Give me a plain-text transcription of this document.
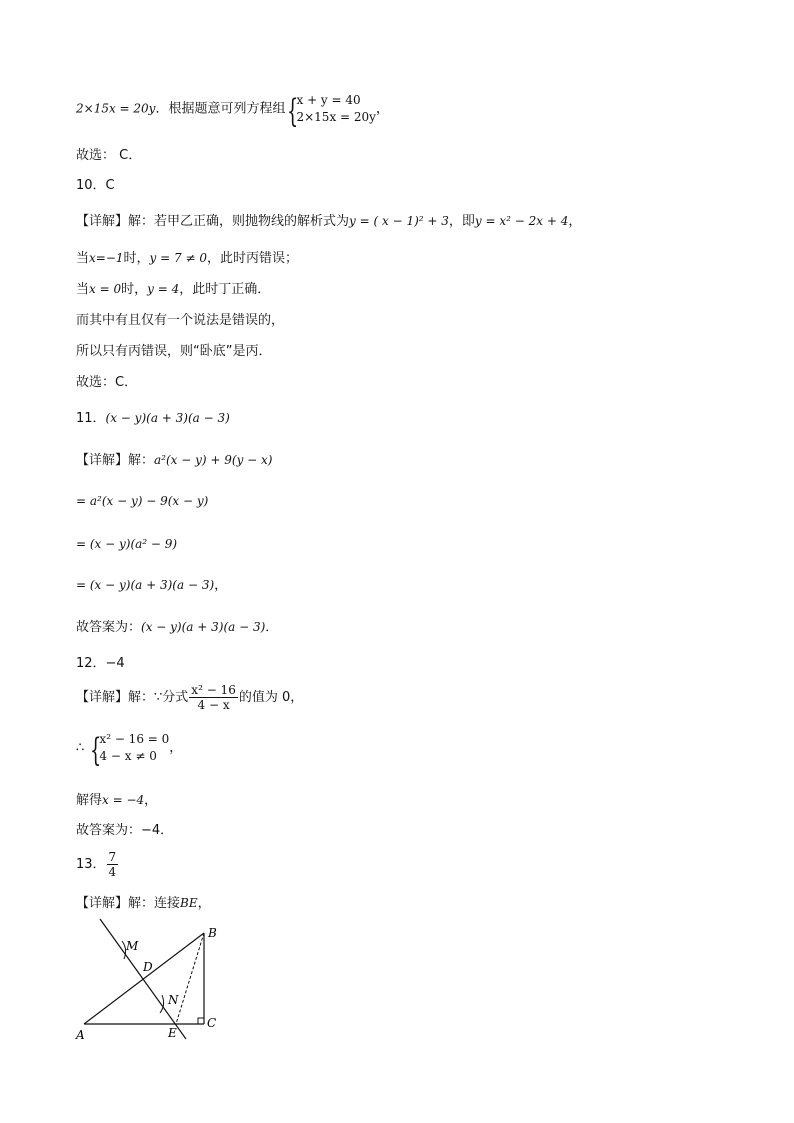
2×15x = 20y．根据题意可列方程组 {
x + y = 40
2×15x = 20y
，
故选： C．
10．C
【详解】解：若甲乙正确，则抛物线的解析式为y = ( x − 1)² + 3，即y = x² − 2x + 4，
当x=−1时，y = 7 ≠ 0，此时丙错误；
当x = 0时，y = 4，此时丁正确．
而其中有且仅有一个说法是错误的，
所以只有丙错误，则“卧底”是丙．
故选：C．
11．(x − y)(a + 3)(a − 3)
【详解】解：a²(x − y) + 9(y − x)
= a²(x − y) − 9(x − y)
= (x − y)(a² − 9)
= (x − y)(a + 3)(a − 3)，
故答案为：(x − y)(a + 3)(a − 3)．
12．−4
【详解】解：∵分式 $\frac{\text{x² − 16}}{4 - x}$ 的值为 0，
∴ {
x² − 16 = 0
4 − x ≠ 0
，
解得x = −4，
故答案为：−4．
13． $\frac{7}{4}$
【详解】解：连接BE，
A
B
C
D
E
M
N
